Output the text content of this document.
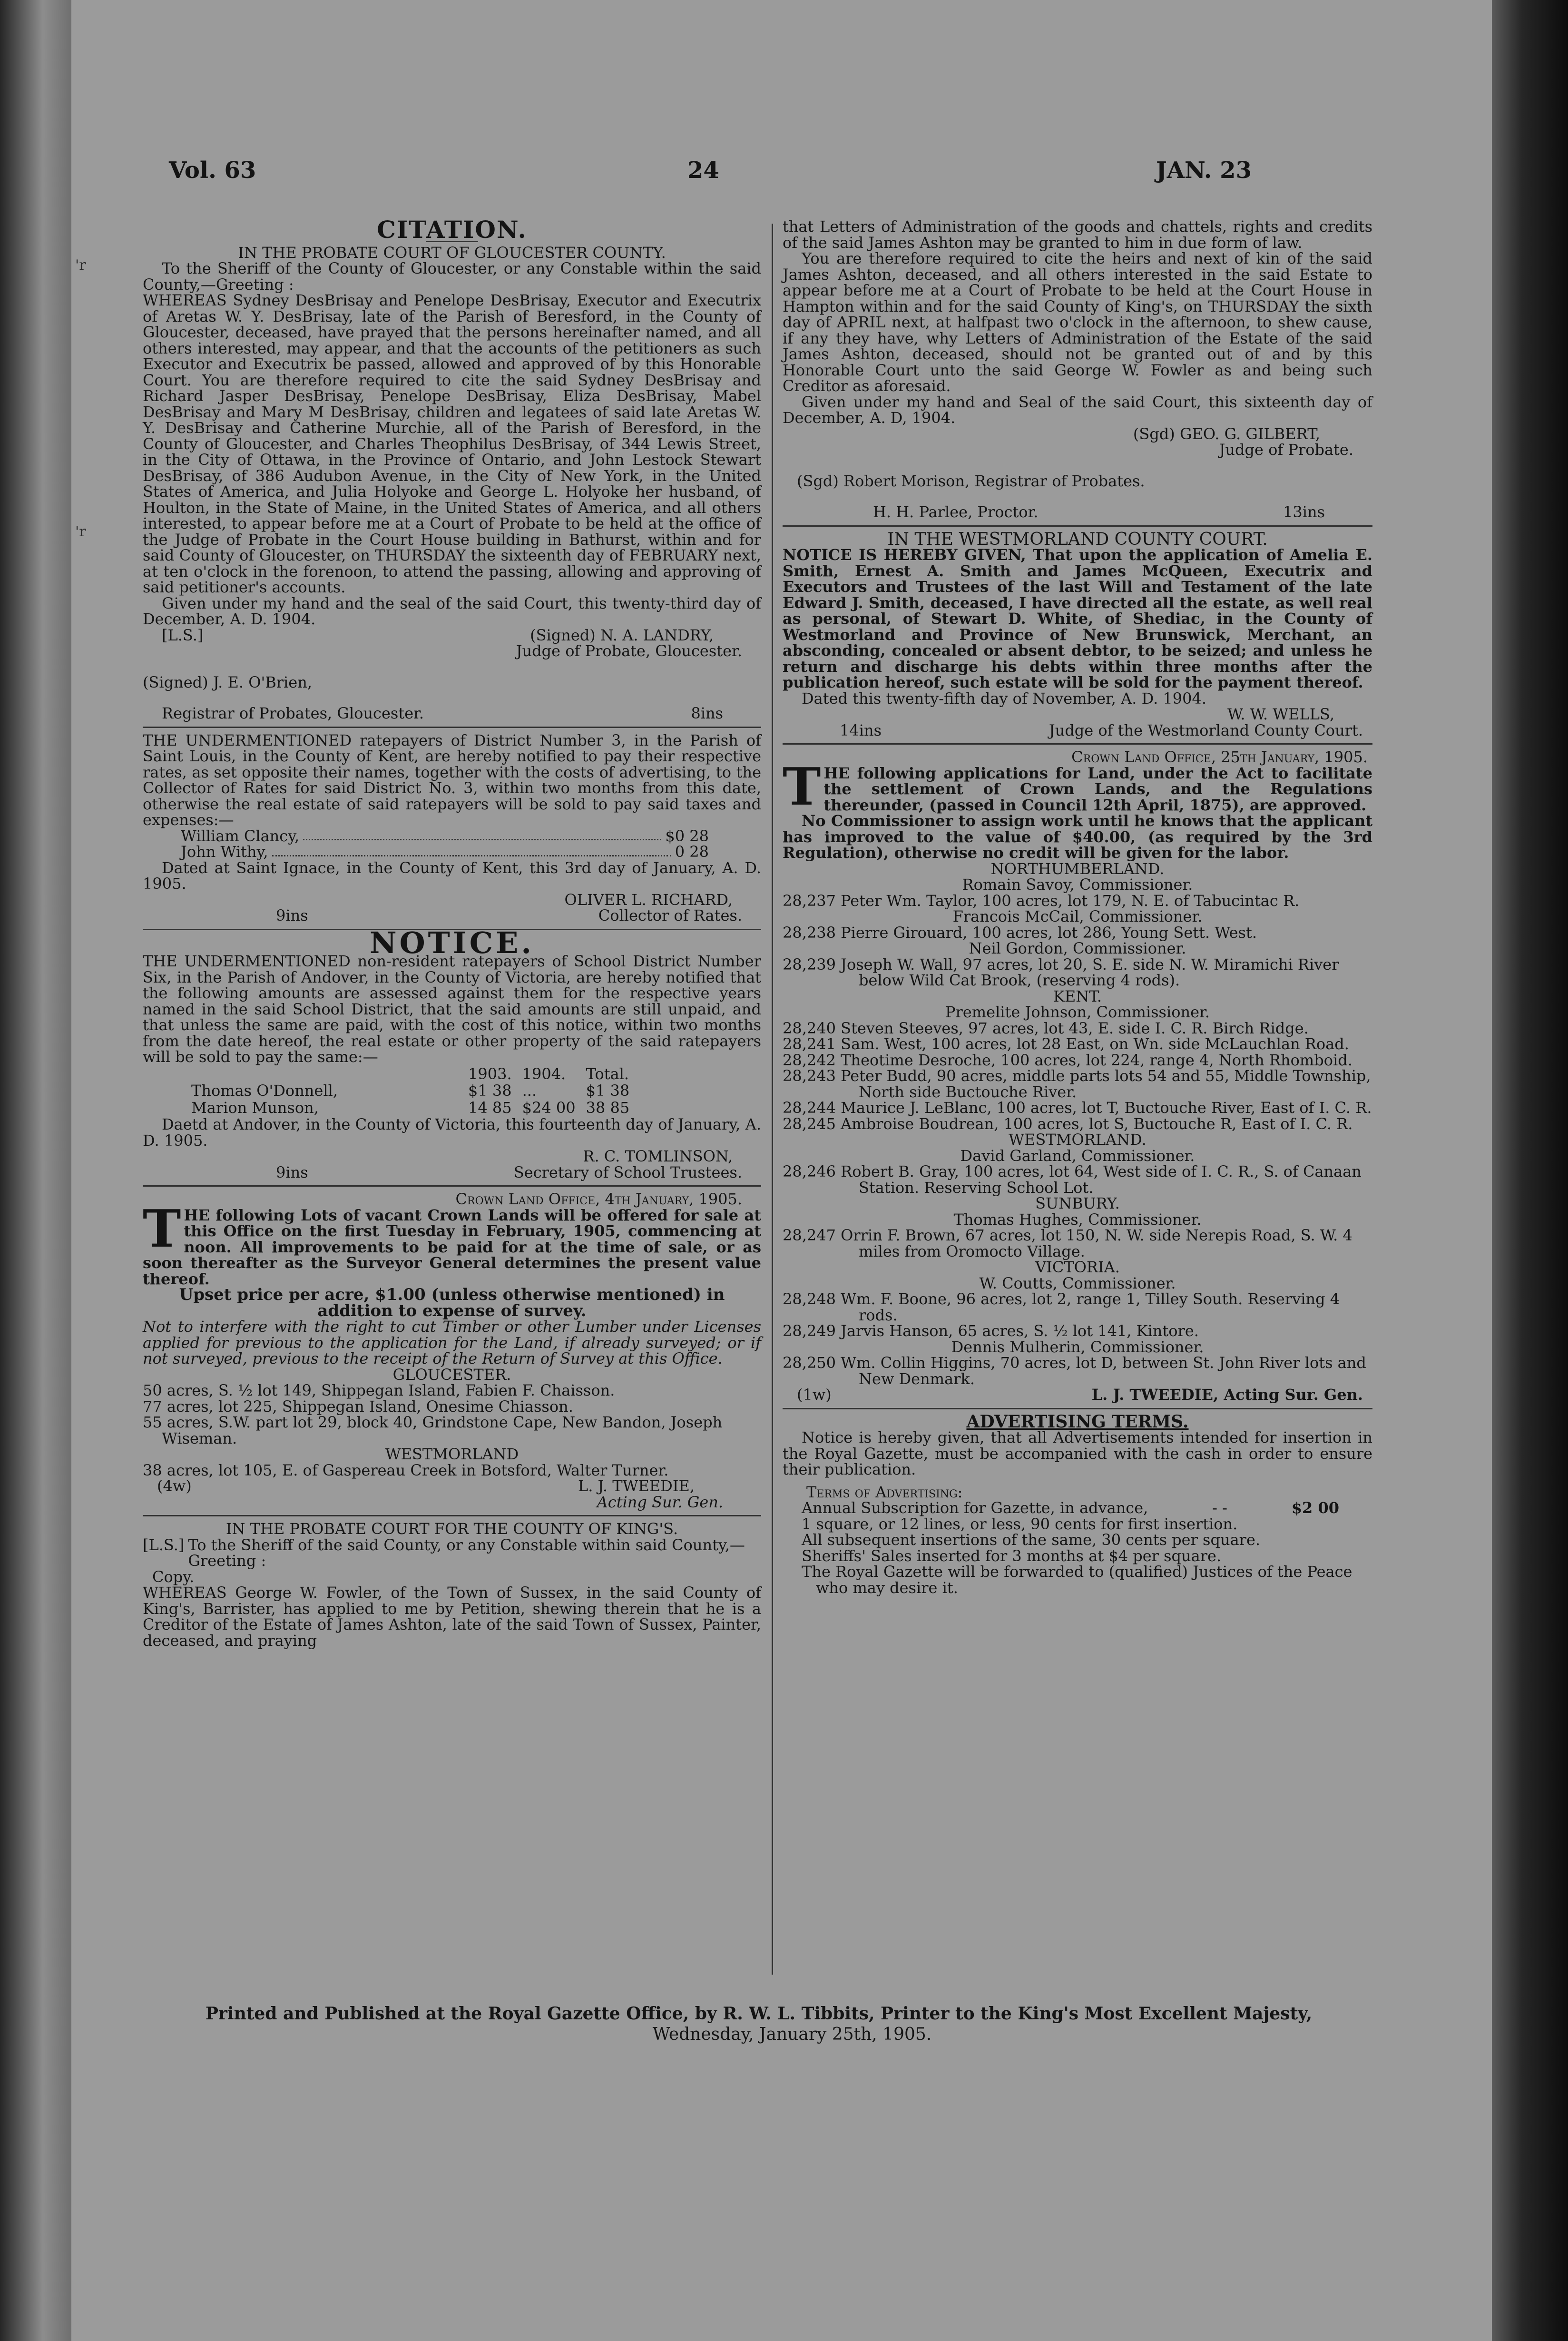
'r
'r
Vol. 63	24	JAN. 23

CITATION.

IN THE PROBATE COURT OF GLOUCESTER COUNTY.

To the Sheriff of the County of Gloucester, or any Constable within the said County,—Greeting :

WHEREAS Sydney DesBrisay and Penelope DesBrisay, Executor and Executrix of Aretas W. Y. DesBrisay, late of the Parish of Beresford, in the County of Gloucester, deceased, have prayed that the persons hereinafter named, and all others interested, may appear, and that the accounts of the petitioners as such Executor and Executrix be passed, allowed and approved of by this Honorable Court. You are therefore required to cite the said Sydney DesBrisay and Richard Jasper DesBrisay, Penelope DesBrisay, Eliza DesBrisay, Mabel DesBrisay and Mary M DesBrisay, children and legatees of said late Aretas W. Y. DesBrisay and Catherine Murchie, all of the Parish of Beresford, in the County of Gloucester, and Charles Theophilus DesBrisay, of 344 Lewis Street, in the City of Ottawa, in the Province of Ontario, and John Lestock Stewart DesBrisay, of 386 Audubon Avenue, in the City of New York, in the United States of America, and Julia Holyoke and George L. Holyoke her husband, of Houlton, in the State of Maine, in the United States of America, and all others interested, to appear before me at a Court of Probate to be held at the office of the Judge of Probate in the Court House building in Bathurst, within and for said County of Gloucester, on THURSDAY the sixteenth day of FEBRUARY next, at ten o'clock in the forenoon, to attend the passing, allowing and approving of said petitioner's accounts.

Given under my hand and the seal of the said Court, this twenty-third day of December, A. D. 1904.

[L.S.]	(Signed) N. A. LANDRY,

Judge of Probate, Gloucester.

(Signed) J. E. O'Brien,

Registrar of Probates, Gloucester.	8ins

THE UNDERMENTIONED ratepayers of District Number 3, in the Parish of Saint Louis, in the County of Kent, are hereby notified to pay their respective rates, as set opposite their names, together with the costs of advertising, to the Collector of Rates for said District No. 3, within two months from this date, otherwise the real estate of said ratepayers will be sold to pay said taxes and expenses:—

William Clancy,	$0 28
John Withy,	0 28

Dated at Saint Ignace, in the County of Kent, this 3rd day of January, A. D. 1905.

OLIVER L. RICHARD,

9ins	Collector of Rates.

NOTICE.

THE UNDERMENTIONED non-resident ratepayers of School District Number Six, in the Parish of Andover, in the County of Victoria, are hereby notified that the following amounts are assessed against them for the respective years named in the said School District, that the said amounts are still unpaid, and that unless the same are paid, with the cost of this notice, within two months from the date hereof, the real estate or other property of the said ratepayers will be sold to pay the same:—

	1903.	1904.	Total.
Thomas O'Donnell,	$1 38	...	$1 38
Marion Munson,	14 85	$24 00	38 85

Daetd at Andover, in the County of Victoria, this fourteenth day of January, A. D. 1905.

R. C. TOMLINSON,

9ins	Secretary of School Trustees.

Crown Land Office, 4th January, 1905.

THE following Lots of vacant Crown Lands will be offered for sale at this Office on the first Tuesday in February, 1905, commencing at noon. All improvements to be paid for at the time of sale, or as soon thereafter as the Surveyor General determines the present value thereof.

Upset price per acre, $1.00 (unless otherwise mentioned) in addition to expense of survey.

Not to interfere with the right to cut Timber or other Lumber under Licenses applied for previous to the application for the Land, if already surveyed; or if not surveyed, previous to the receipt of the Return of Survey at this Office.

GLOUCESTER.

50 acres, S. ½ lot 149, Shippegan Island, Fabien F. Chaisson.

77 acres, lot 225, Shippegan Island, Onesime Chiasson.

55 acres, S.W. part lot 29, block 40, Grindstone Cape, New Bandon, Joseph Wiseman.

WESTMORLAND

38 acres, lot 105, E. of Gaspereau Creek in Botsford, Walter Turner.

(4w)	L. J. TWEEDIE,

Acting Sur. Gen.

IN THE PROBATE COURT FOR THE COUNTY OF KING'S.

[L.S.] To the Sheriff of the said County, or any Constable within said County,—Greeting :

Copy.

WHEREAS George W. Fowler, of the Town of Sussex, in the said County of King's, Barrister, has applied to me by Petition, shewing therein that he is a Creditor of the Estate of James Ashton, late of the said Town of Sussex, Painter, deceased, and praying

that Letters of Administration of the goods and chattels, rights and credits of the said James Ashton may be granted to him in due form of law.

You are therefore required to cite the heirs and next of kin of the said James Ashton, deceased, and all others interested in the said Estate to appear before me at a Court of Probate to be held at the Court House in Hampton within and for the said County of King's, on THURSDAY the sixth day of APRIL next, at halfpast two o'clock in the afternoon, to shew cause, if any they have, why Letters of Administration of the Estate of the said James Ashton, deceased, should not be granted out of and by this Honorable Court unto the said George W. Fowler as and being such Creditor as aforesaid.

Given under my hand and Seal of the said Court, this sixteenth day of December, A. D, 1904.

(Sgd) GEO. G. GILBERT,

Judge of Probate.

(Sgd) Robert Morison, Registrar of Probates.

H. H. Parlee, Proctor.	13ins

IN THE WESTMORLAND COUNTY COURT.

NOTICE IS HEREBY GIVEN, That upon the application of Amelia E. Smith, Ernest A. Smith and James McQueen, Executrix and Executors and Trustees of the last Will and Testament of the late Edward J. Smith, deceased, I have directed all the estate, as well real as personal, of Stewart D. White, of Shediac, in the County of Westmorland and Province of New Brunswick, Merchant, an absconding, concealed or absent debtor, to be seized; and unless he return and discharge his debts within three months after the publication hereof, such estate will be sold for the payment thereof.

Dated this twenty-fifth day of November, A. D. 1904.

W. W. WELLS,

14ins	Judge of the Westmorland County Court.

Crown Land Office, 25th January, 1905.

THE following applications for Land, under the Act to facilitate the settlement of Crown Lands, and the Regulations thereunder, (passed in Council 12th April, 1875), are approved.

No Commissioner to assign work until he knows that the applicant has improved to the value of $40.00, (as required by the 3rd Regulation), otherwise no credit will be given for the labor.

NORTHUMBERLAND.

Romain Savoy, Commissioner.

28,237 Peter Wm. Taylor, 100 acres, lot 179, N. E. of Tabucintac R.

Francois McCail, Commissioner.

28,238 Pierre Girouard, 100 acres, lot 286, Young Sett. West.

Neil Gordon, Commissioner.

28,239 Joseph W. Wall, 97 acres, lot 20, S. E. side N. W. Miramichi River below Wild Cat Brook, (reserving 4 rods).

KENT.

Premelite Johnson, Commissioner.

28,240 Steven Steeves, 97 acres, lot 43, E. side I. C. R. Birch Ridge.

28,241 Sam. West, 100 acres, lot 28 East, on Wn. side McLauchlan Road.

28,242 Theotime Desroche, 100 acres, lot 224, range 4, North Rhomboid.

28,243 Peter Budd, 90 acres, middle parts lots 54 and 55, Middle Township, North side Buctouche River.

28,244 Maurice J. LeBlanc, 100 acres, lot T, Buctouche River, East of I. C. R.

28,245 Ambroise Boudrean, 100 acres, lot S, Buctouche R, East of I. C. R.

WESTMORLAND.

David Garland, Commissioner.

28,246 Robert B. Gray, 100 acres, lot 64, West side of I. C. R., S. of Canaan Station. Reserving School Lot.

SUNBURY.

Thomas Hughes, Commissioner.

28,247 Orrin F. Brown, 67 acres, lot 150, N. W. side Nerepis Road, S. W. 4 miles from Oromocto Village.

VICTORIA.

W. Coutts, Commissioner.

28,248 Wm. F. Boone, 96 acres, lot 2, range 1, Tilley South. Reserving 4 rods.

28,249 Jarvis Hanson, 65 acres, S. ½ lot 141, Kintore.

Dennis Mulherin, Commissioner.

28,250 Wm. Collin Higgins, 70 acres, lot D, between St. John River lots and New Denmark.

(1w)	L. J. TWEEDIE, Acting Sur. Gen.

ADVERTISING TERMS.

Notice is hereby given, that all Advertisements intended for insertion in the Royal Gazette, must be accompanied with the cash in order to ensure their publication.

Terms of Advertising:

Annual Subscription for Gazette, in advance,	- -	$2 00

1 square, or 12 lines, or less, 90 cents for first insertion.

All subsequent insertions of the same, 30 cents per square.

Sheriffs' Sales inserted for 3 months at $4 per square.

The Royal Gazette will be forwarded to (qualified) Justices of the Peace who may desire it.

Printed and Published at the Royal Gazette Office, by R. W. L. Tibbits, Printer to the King's Most Excellent Majesty,

Wednesday, January 25th, 1905.
